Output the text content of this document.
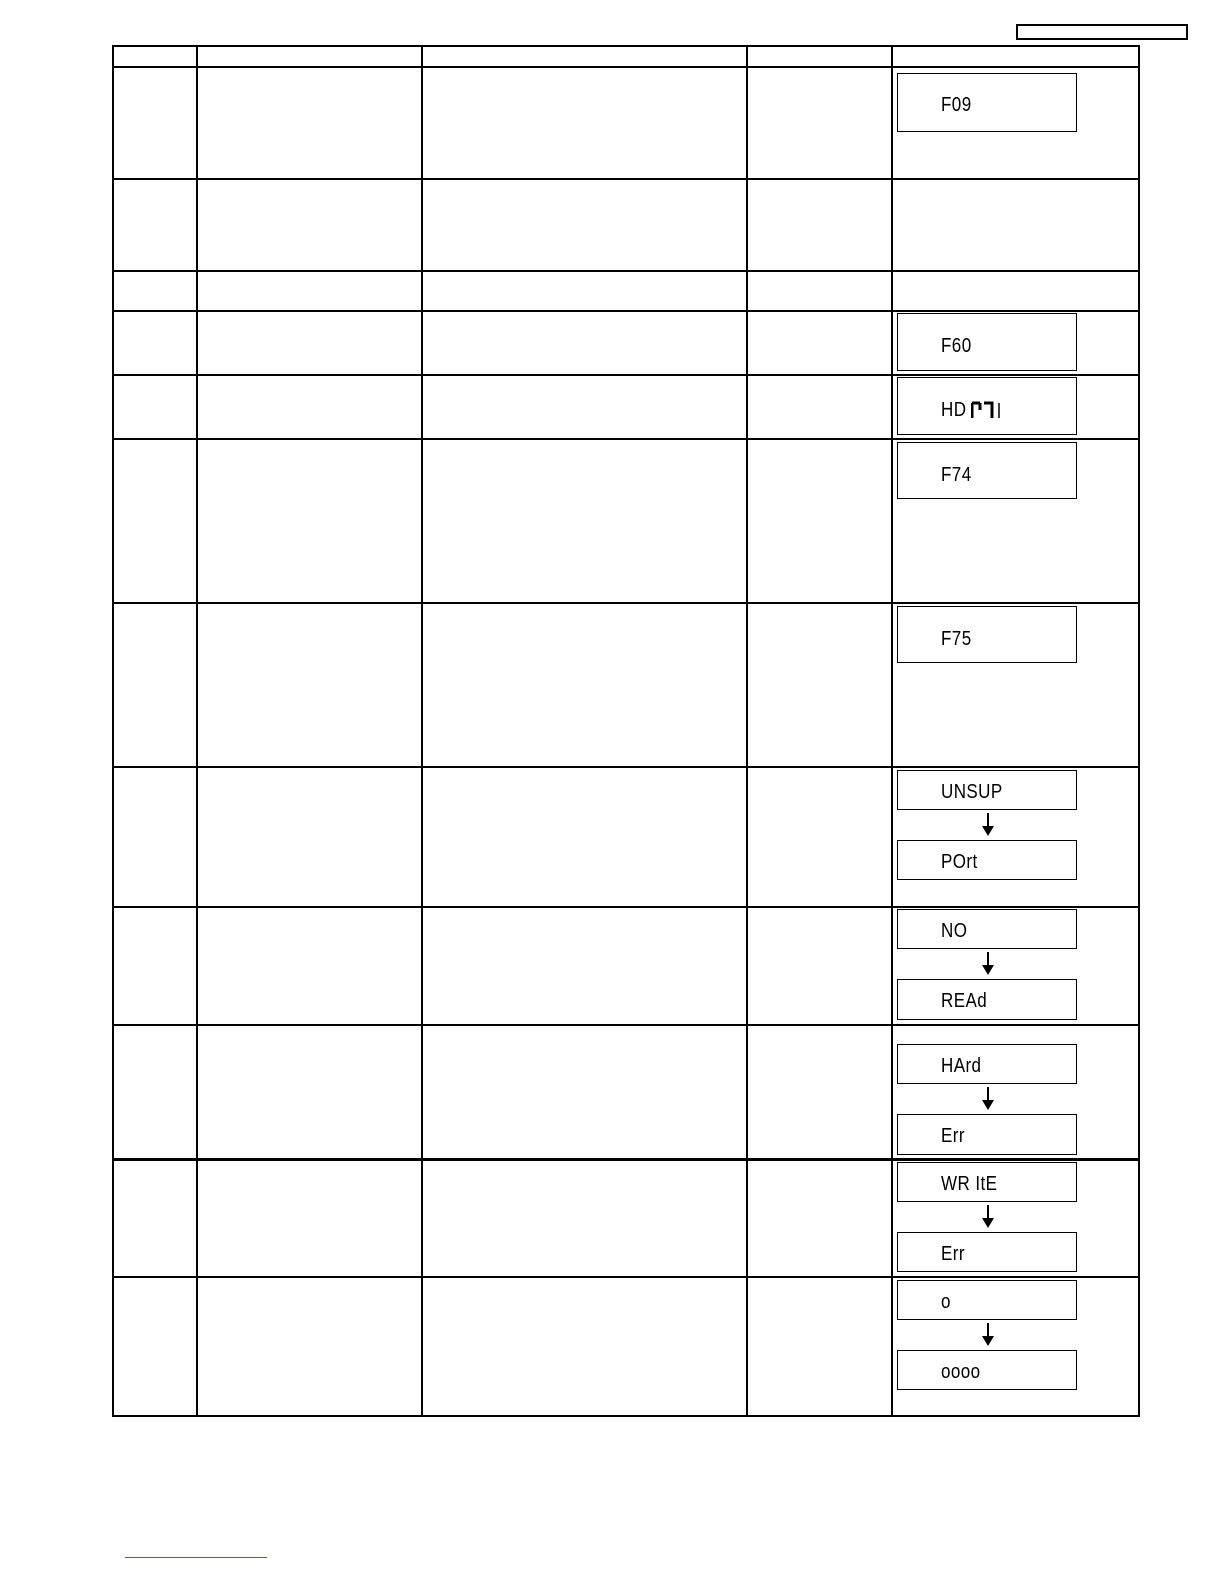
F09
F60
HD
F74
F75
UNSUP
POrt
NO
REAd
HArd
Err
WR ItE
Err
o
oooo
